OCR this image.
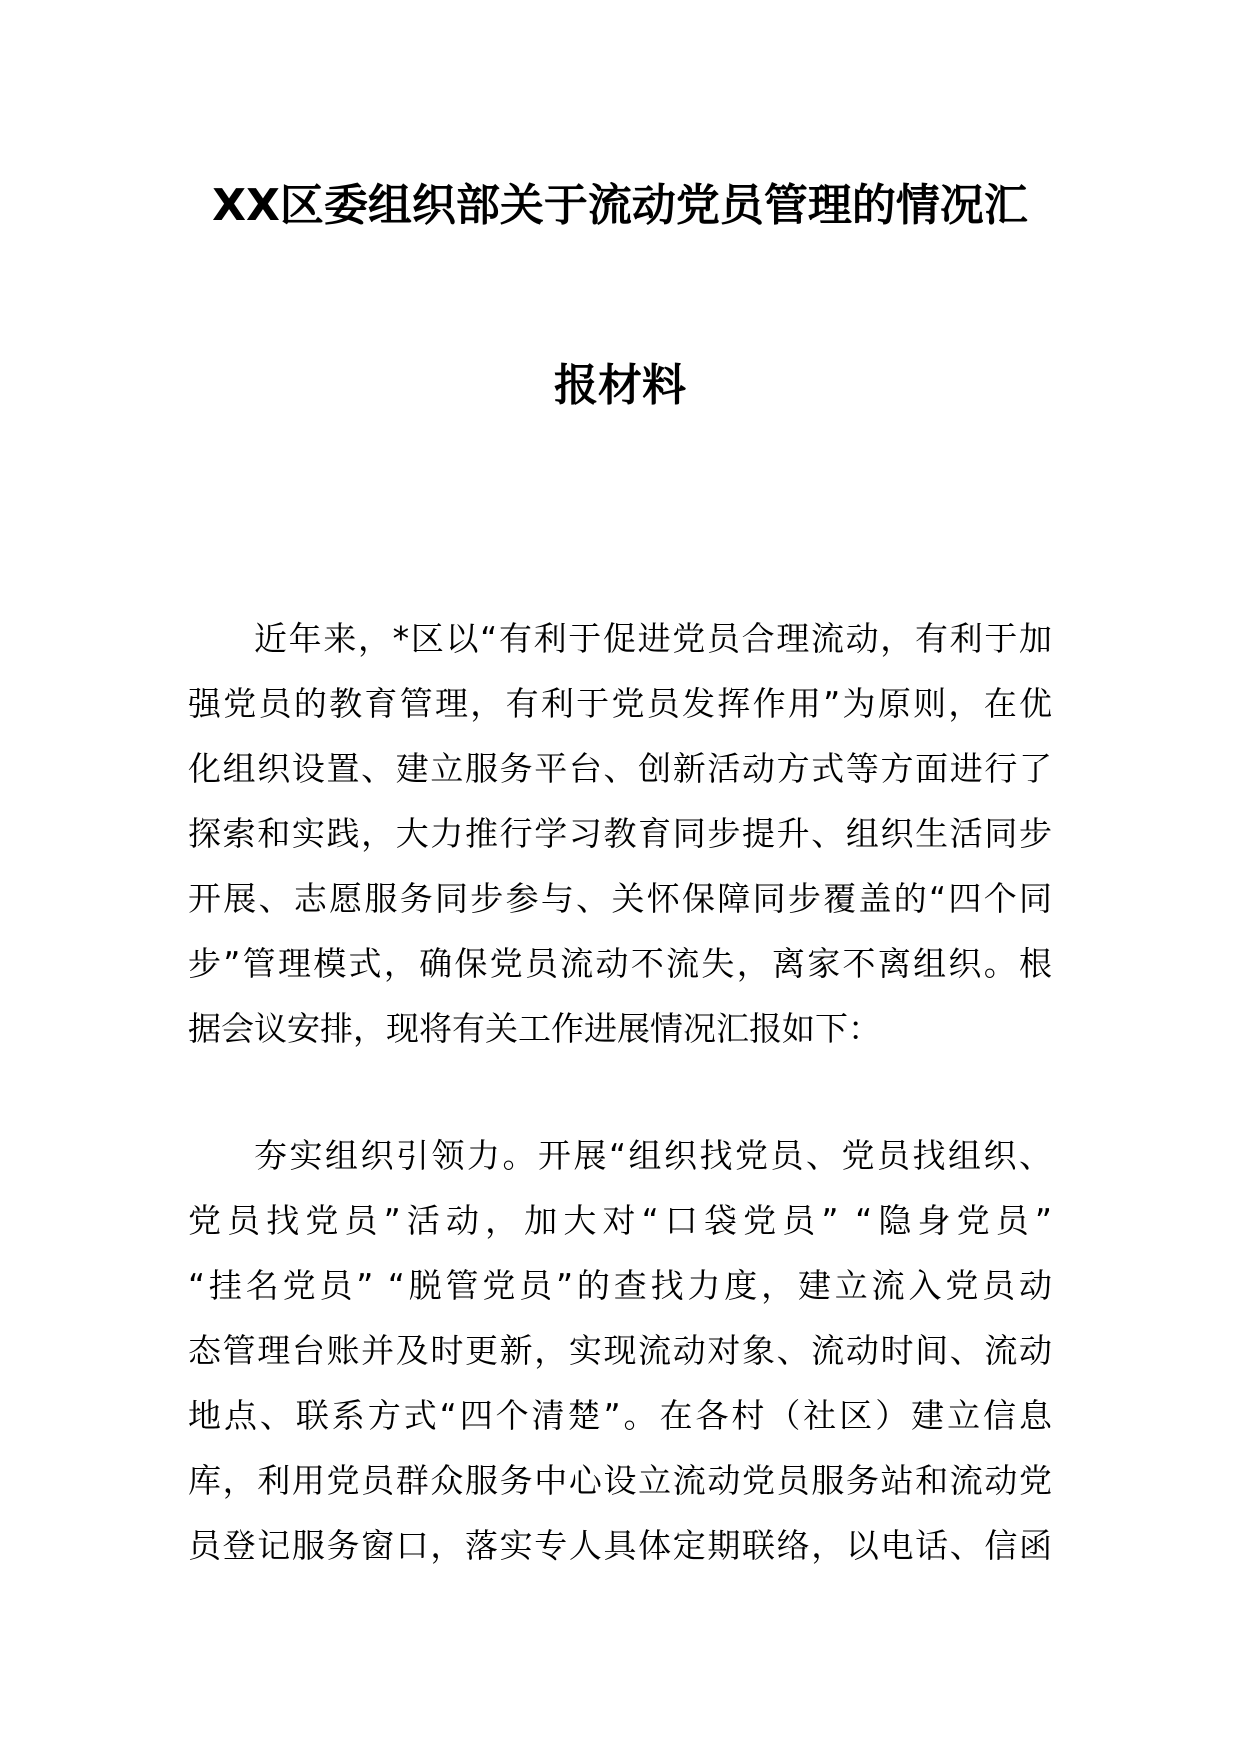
XX区委组织部关于流动党员管理的情况汇
报材料
近年来，*区以“有利于促进党员合理流动，有利于加
强党员的教育管理，有利于党员发挥作用”为原则，在优
化组织设置、建立服务平台、创新活动方式等方面进行了
探索和实践，大力推行学习教育同步提升、组织生活同步
开展、志愿服务同步参与、关怀保障同步覆盖的“四个同
步”管理模式，确保党员流动不流失，离家不离组织。根
据会议安排，现将有关工作进展情况汇报如下：
夯实组织引领力。开展“组织找党员、党员找组织、
党员找党员”活动，加大对“口袋党员” “隐身党员”
“挂名党员” “脱管党员”的查找力度，建立流入党员动
态管理台账并及时更新，实现流动对象、流动时间、流动
地点、联系方式“四个清楚”。在各村（社区）建立信息
库，利用党员群众服务中心设立流动党员服务站和流动党
员登记服务窗口，落实专人具体定期联络，以电话、信函
